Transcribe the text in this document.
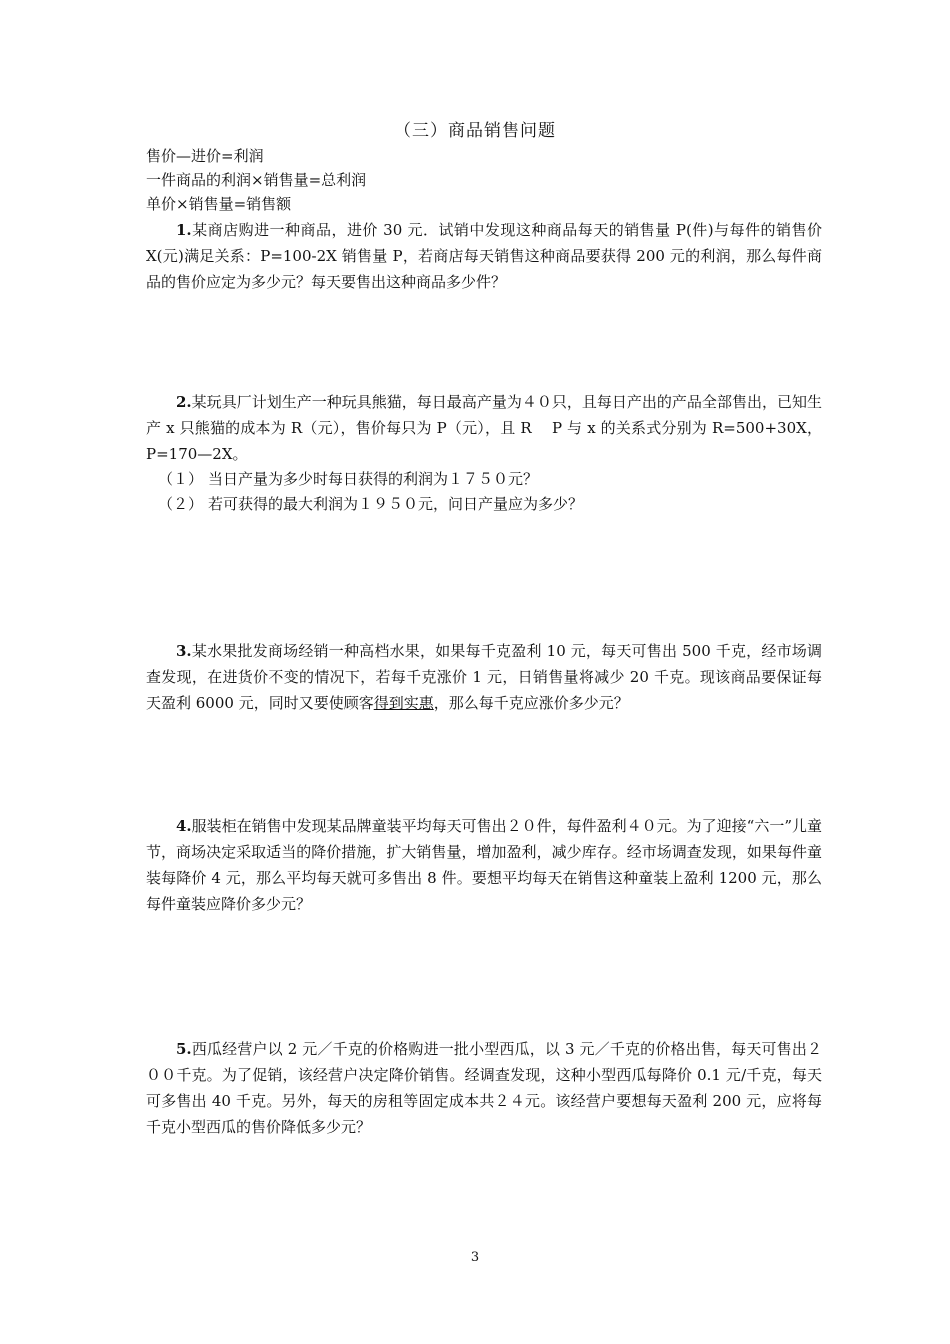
（三）商品销售问题
售价—进价=利润
一件商品的利润×销售量=总利润
单价×销售量=销售额

1.某商店购进一种商品，进价 30 元．试销中发现这种商品每天的销售量 P(件)与每件的销售价 X(元)满足关系：P=100-2X 销售量 P，若商店每天销售这种商品要获得 200 元的利润，那么每件商品的售价应定为多少元？每天要售出这种商品多少件？

2.某玩具厂计划生产一种玩具熊猫，每日最高产量为４０只，且每日产出的产品全部售出，已知生产 x 只熊猫的成本为 R（元），售价每只为 P（元），且 R　 P 与 x 的关系式分别为 R=500+30X，P=170—2X。

（１） 当日产量为多少时每日获得的利润为１７５０元？

（２） 若可获得的最大利润为１９５０元，问日产量应为多少？

3.某水果批发商场经销一种高档水果，如果每千克盈利 10 元，每天可售出 500 千克，经市场调查发现，在进货价不变的情况下，若每千克涨价 1 元，日销售量将减少 20 千克。现该商品要保证每天盈利 6000 元，同时又要使顾客得到实惠，那么每千克应涨价多少元？

4.服装柜在销售中发现某品牌童装平均每天可售出２０件，每件盈利４０元。为了迎接“六一”儿童节，商场决定采取适当的降价措施，扩大销售量，增加盈利，减少库存。经市场调查发现，如果每件童装每降价 4 元，那么平均每天就可多售出 8 件。要想平均每天在销售这种童装上盈利 1200 元，那么每件童装应降价多少元？

5.西瓜经营户以 2 元／千克的价格购进一批小型西瓜，以 3 元／千克的价格出售，每天可售出２００千克。为了促销，该经营户决定降价销售。经调查发现，这种小型西瓜每降价 0.1 元/千克，每天可多售出 40 千克。另外，每天的房租等固定成本共２４元。该经营户要想每天盈利 200 元，应将每千克小型西瓜的售价降低多少元？

3
